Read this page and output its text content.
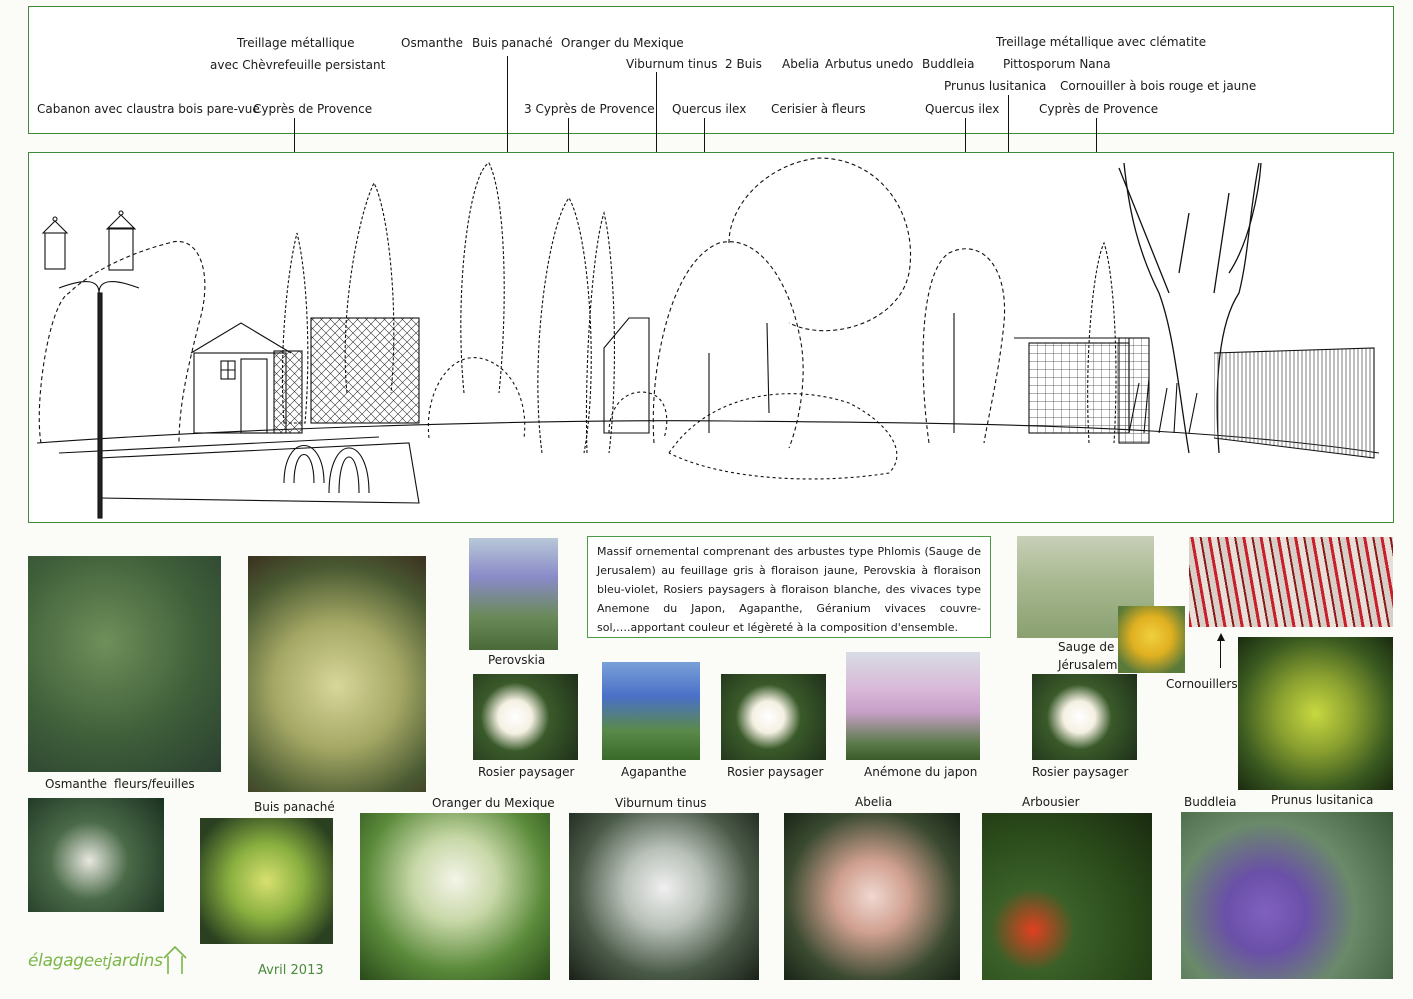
Treillage métallique
avec Chèvrefeuille persistant
Cabanon avec claustra bois pare-vue
Cyprès de Provence
Osmanthe Buis panaché Oranger du Mexique
Viburnum tinus 2 Buis
3 Cyprès de Provence Quercus ilex Cerisier à fleurs
Abelia Arbutus unedo Buddleia
Treillage métallique avec clématite
Pittosporum Nana
Prunus lusitanica Cornouiller à bois rouge et jaune
Quercus ilex	Cyprès de Provence
Osmanthe fleurs/feuilles
Buis panaché
Perovskia
Massif ornemental comprenant des arbustes type Phlomis (Sauge de Jerusalem) au feuillage gris à floraison jaune, Perovskia à floraison bleu-violet, Rosiers paysagers à floraison blanche, des vivaces type Anemone du Japon, Agapanthe, Géranium vivaces couvre-sol,….apportant couleur et légèreté à la composition d'ensemble.
Rosier paysager	Agapanthe	Rosier paysager	Anémone du japon
Sauge de
Jérusalem
Rosier paysager
Cornouillers
Oranger du Mexique	Viburnum tinus	Abelia	Arbousier	Buddleia	Prunus lusitanica
élagageetjardins	Avril 2013
